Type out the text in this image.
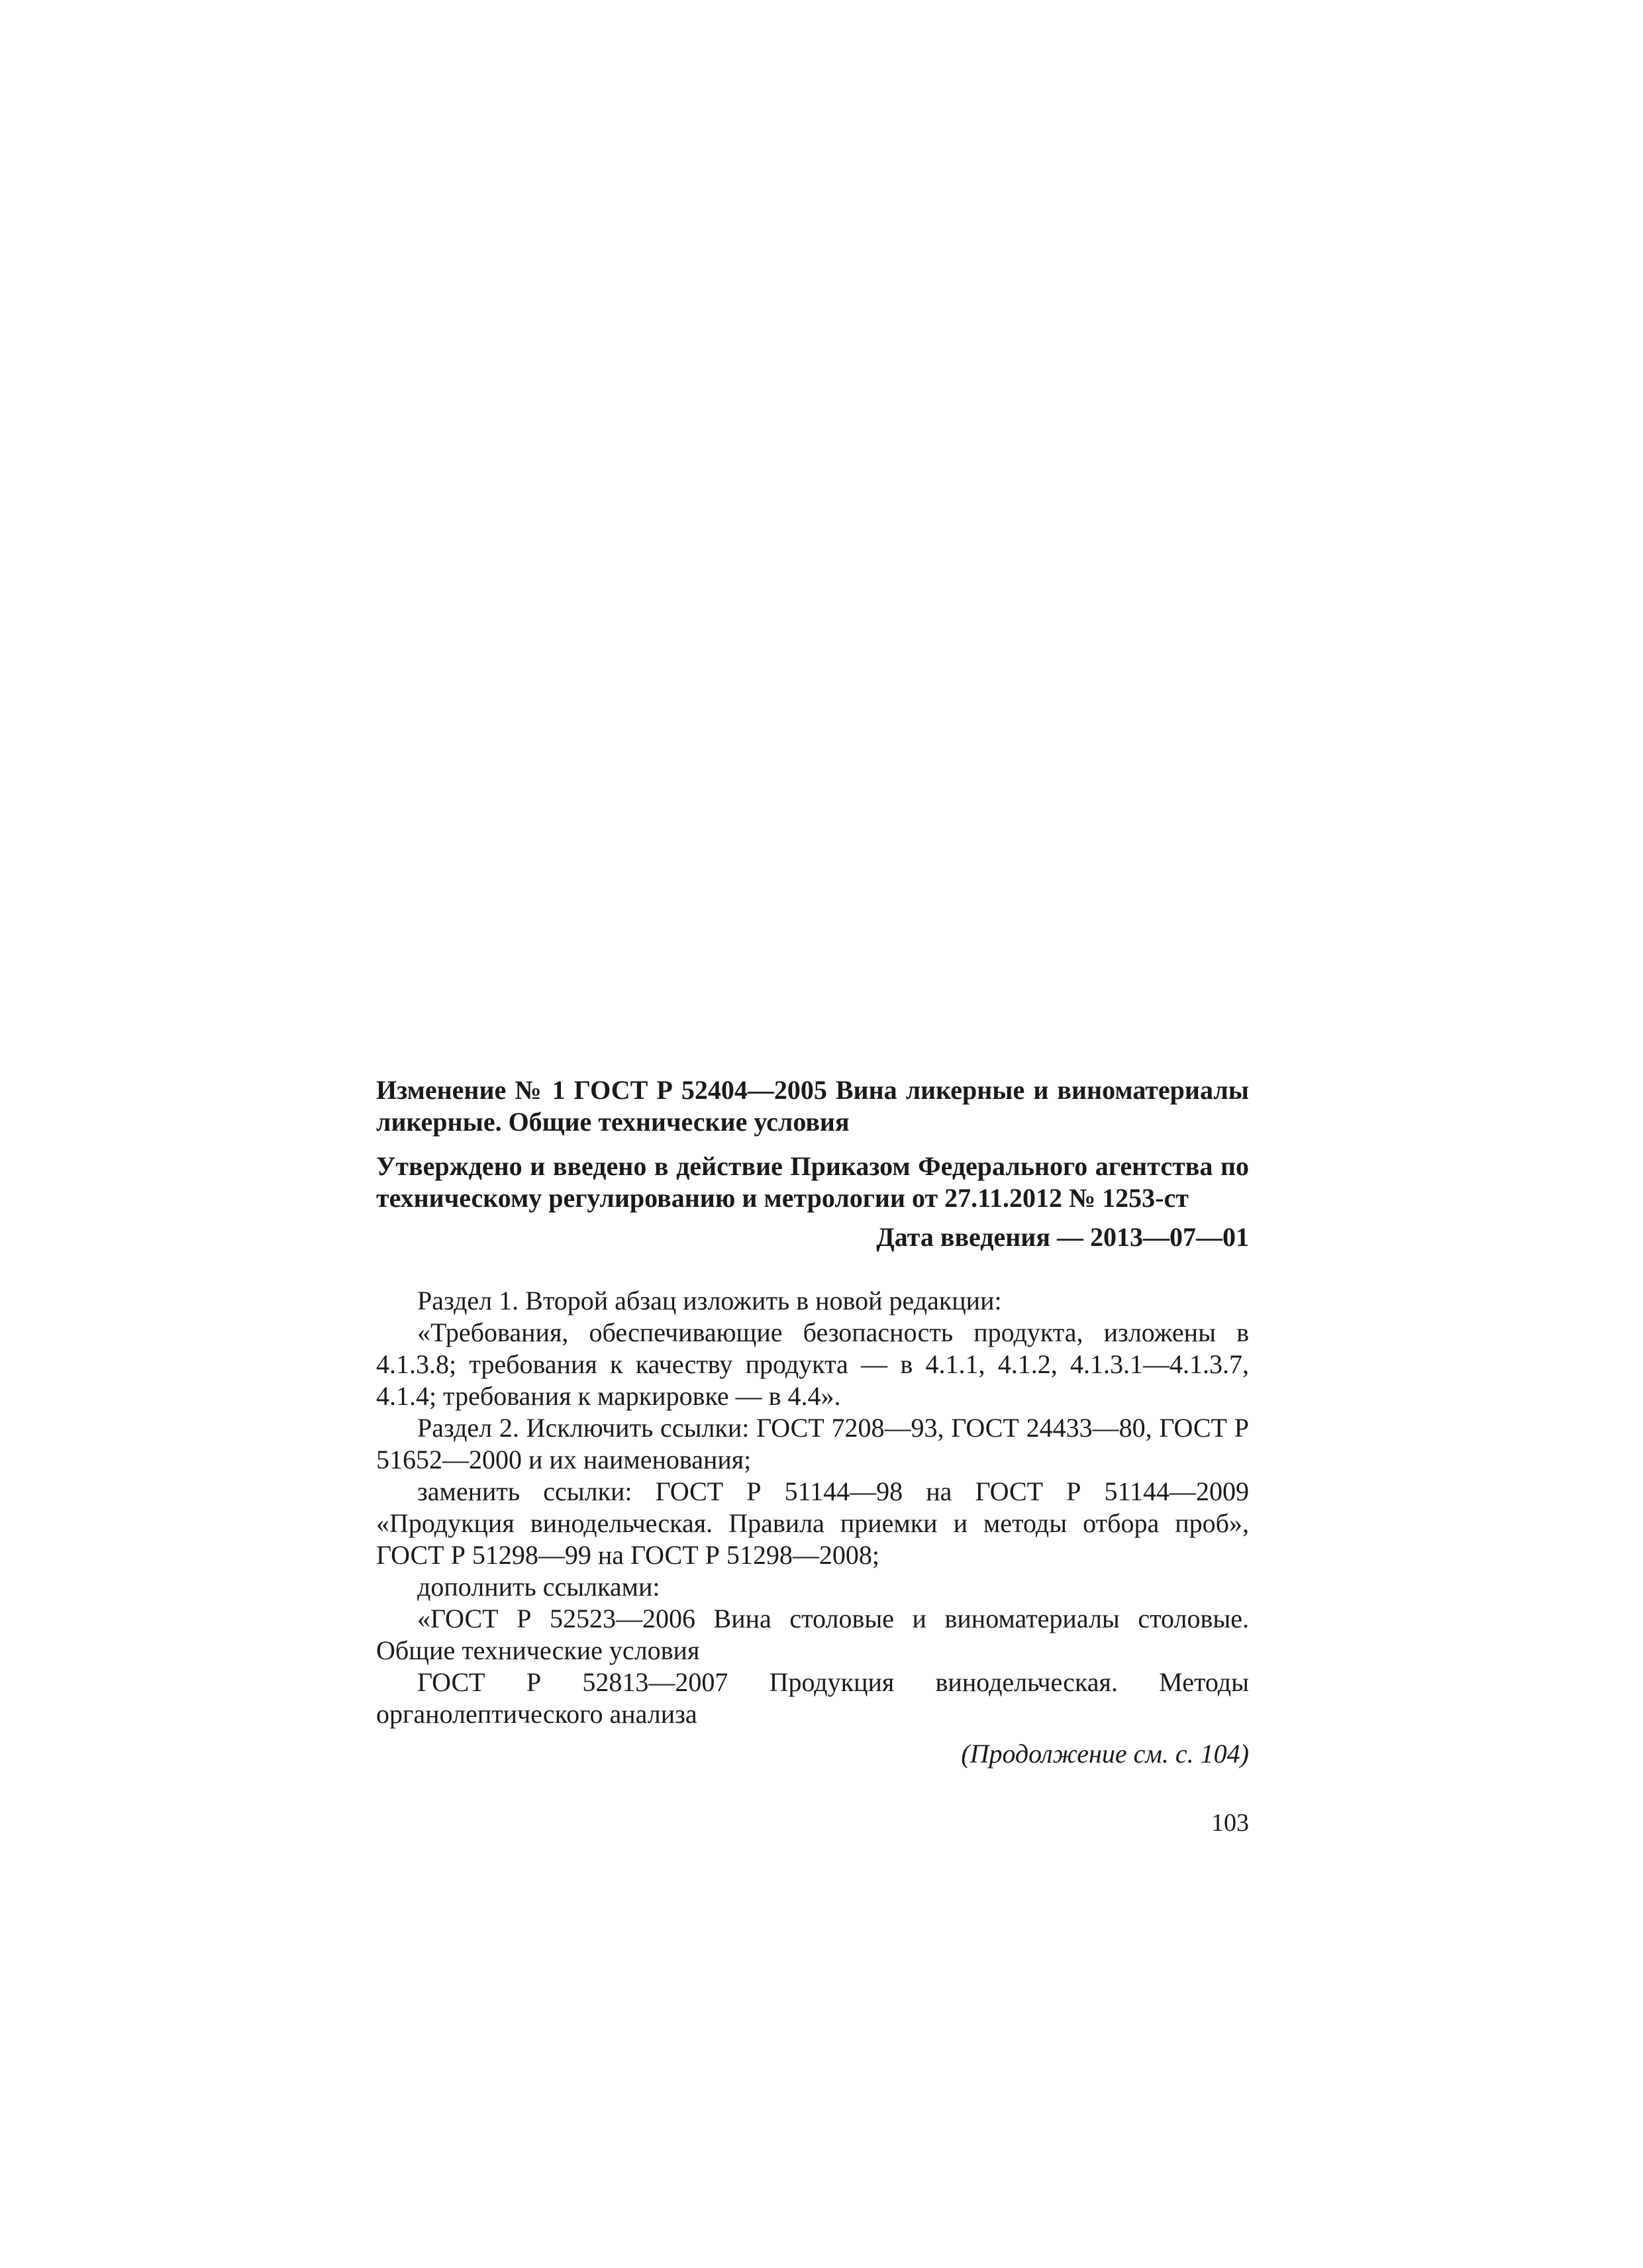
Изменение № 1 ГОСТ Р 52404—2005 Вина ликерные и виноматериалы ликерные. Общие технические условия
Утверждено и введено в действие Приказом Федерального агентства по техническому регулированию и метрологии от 27.11.2012 № 1253-ст
Дата введения — 2013—07—01

Раздел 1. Второй абзац изложить в новой редакции:

«Требования, обеспечивающие безопасность продукта, изложены в 4.1.3.8; требования к качеству продукта — в 4.1.1, 4.1.2, 4.1.3.1—4.1.3.7, 4.1.4; требования к маркировке — в 4.4».

Раздел 2. Исключить ссылки: ГОСТ 7208—93, ГОСТ 24433—80, ГОСТ Р 51652—2000 и их наименования;

заменить ссылки: ГОСТ Р 51144—98 на ГОСТ Р 51144—2009 «Продукция винодельческая. Правила приемки и методы отбора проб», ГОСТ Р 51298—99 на ГОСТ Р 51298—2008;

дополнить ссылками:

«ГОСТ Р 52523—2006 Вина столовые и виноматериалы столовые. Общие технические условия

ГОСТ Р 52813—2007 Продукция винодельческая. Методы органолептического анализа

(Продолжение см. с. 104)
103
